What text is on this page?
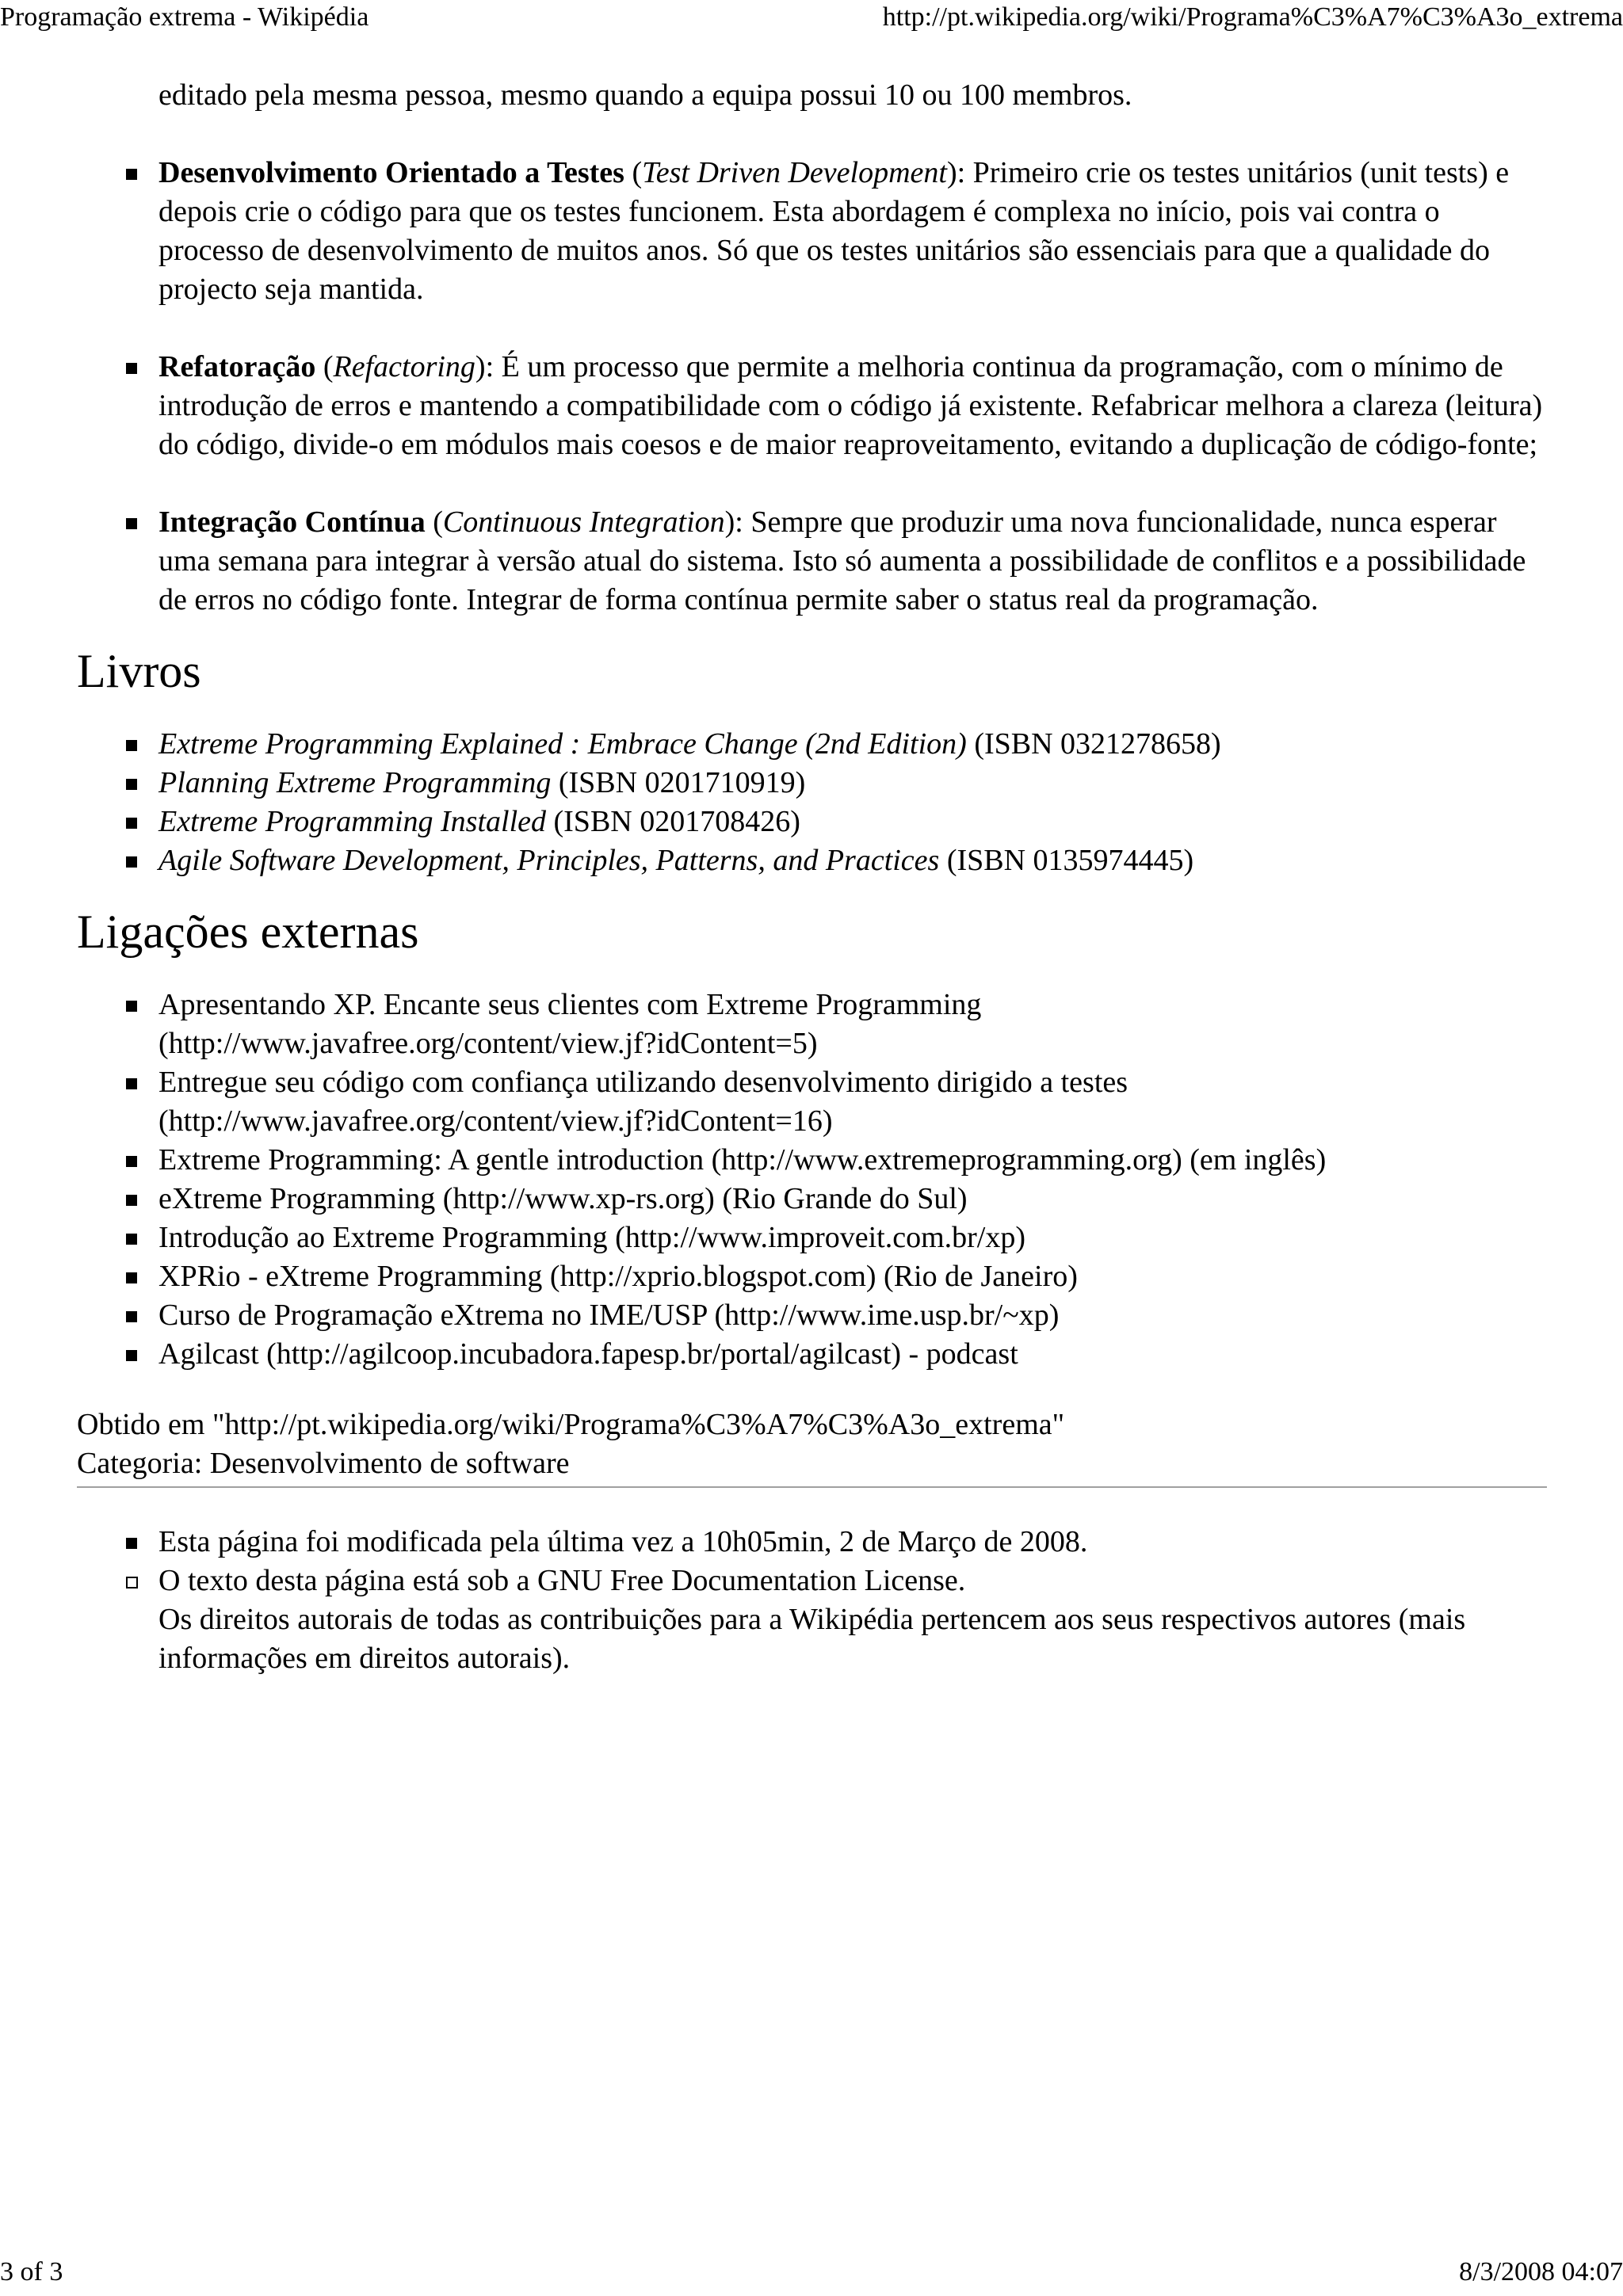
Programação extrema - Wikipédia	http://pt.wikipedia.org/wiki/Programa%C3%A7%C3%A3o_extrema

editado pela mesma pessoa, mesmo quando a equipa possui 10 ou 100 membros.

Desenvolvimento Orientado a Testes (Test Driven Development): Primeiro crie os testes unitários (unit tests) e depois crie o código para que os testes funcionem. Esta abordagem é complexa no início, pois vai contra o processo de desenvolvimento de muitos anos. Só que os testes unitários são essenciais para que a qualidade do projecto seja mantida.
Refatoração (Refactoring): É um processo que permite a melhoria continua da programação, com o mínimo de introdução de erros e mantendo a compatibilidade com o código já existente. Refabricar melhora a clareza (leitura) do código, divide-o em módulos mais coesos e de maior reaproveitamento, evitando a duplicação de código-fonte;
Integração Contínua (Continuous Integration): Sempre que produzir uma nova funcionalidade, nunca esperar uma semana para integrar à versão atual do sistema. Isto só aumenta a possibilidade de conflitos e a possibilidade de erros no código fonte. Integrar de forma contínua permite saber o status real da programação.
Livros
Extreme Programming Explained : Embrace Change (2nd Edition) (ISBN 0321278658)
Planning Extreme Programming (ISBN 0201710919)
Extreme Programming Installed (ISBN 0201708426)
Agile Software Development, Principles, Patterns, and Practices (ISBN 0135974445)
Ligações externas
Apresentando XP. Encante seus clientes com Extreme Programming
(http://www.javafree.org/content/view.jf?idContent=5)
Entregue seu código com confiança utilizando desenvolvimento dirigido a testes
(http://www.javafree.org/content/view.jf?idContent=16)
Extreme Programming: A gentle introduction (http://www.extremeprogramming.org) (em inglês)
eXtreme Programming (http://www.xp-rs.org) (Rio Grande do Sul)
Introdução ao Extreme Programming (http://www.improveit.com.br/xp)
XPRio - eXtreme Programming (http://xprio.blogspot.com) (Rio de Janeiro)
Curso de Programação eXtrema no IME/USP (http://www.ime.usp.br/~xp)
Agilcast (http://agilcoop.incubadora.fapesp.br/portal/agilcast) - podcast

Obtido em "http://pt.wikipedia.org/wiki/Programa%C3%A7%C3%A3o_extrema"

Categoria: Desenvolvimento de software

Esta página foi modificada pela última vez a 10h05min, 2 de Março de 2008.
O texto desta página está sob a GNU Free Documentation License.
Os direitos autorais de todas as contribuições para a Wikipédia pertencem aos seus respectivos autores (mais informações em direitos autorais).
3 of 3	8/3/2008 04:07
